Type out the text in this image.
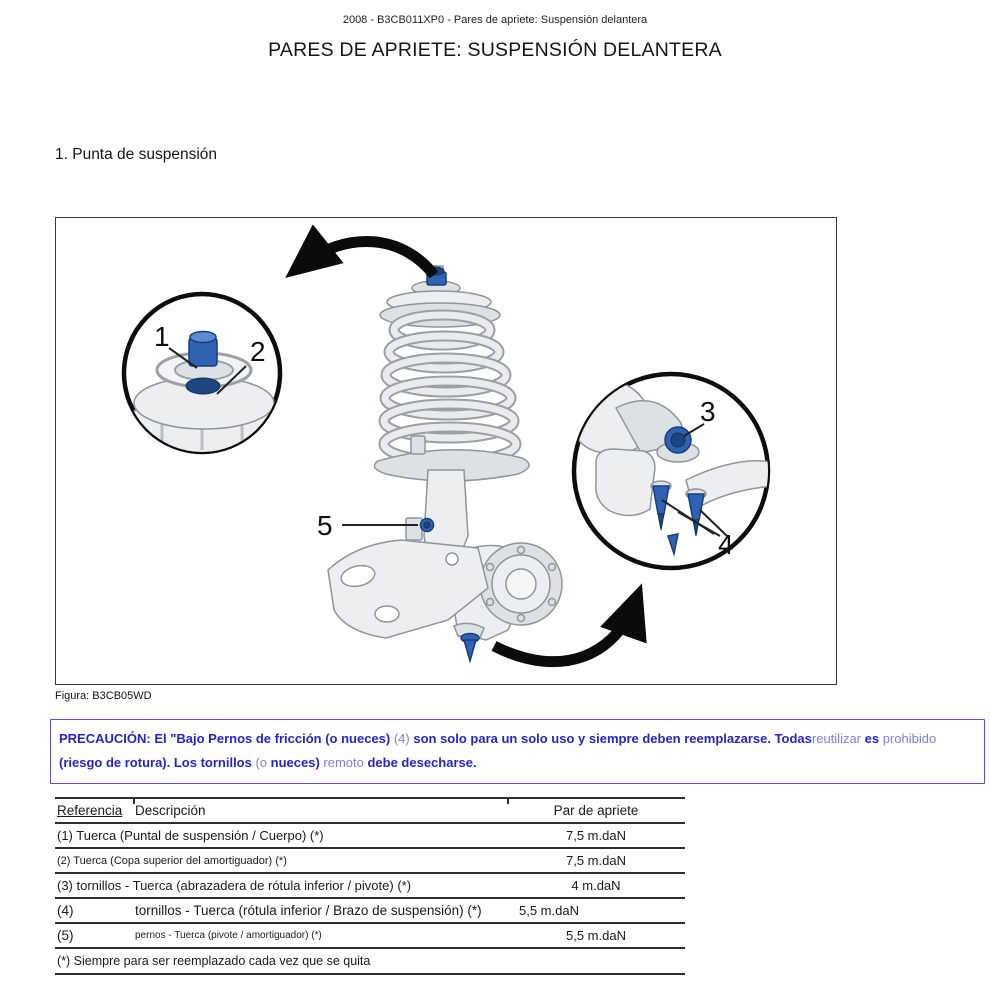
2008 - B3CB011XP0 - Pares de apriete: Suspensión delantera
PARES DE APRIETE: SUSPENSIÓN DELANTERA
1. Punta de suspensión
5
1	2
3
4
Figura: B3CB05WD
PRECAUCIÓN: El "Bajo Pernos de fricción (o nueces) (4) son solo para un solo uso y siempre deben reemplazarse. Todasreutilizar es prohibido
(riesgo de rotura). Los tornillos (o nueces) remoto debe desecharse.
Referencia	Descripción	Par de apriete
(1) Tuerca (Puntal de suspensión / Cuerpo) (*)		7,5 m.daN
(2) Tuerca (Copa superior del amortiguador) (*)		7,5 m.daN
(3) tornillos - Tuerca (abrazadera de rótula inferior / pivote) (*)		4 m.daN
(4)	tornillos - Tuerca (rótula inferior / Brazo de suspensión) (*)	5,5 m.daN
(5)	pernos - Tuerca (pivote / amortiguador) (*)	5,5 m.daN
(*) Siempre para ser reemplazado cada vez que se quita		
